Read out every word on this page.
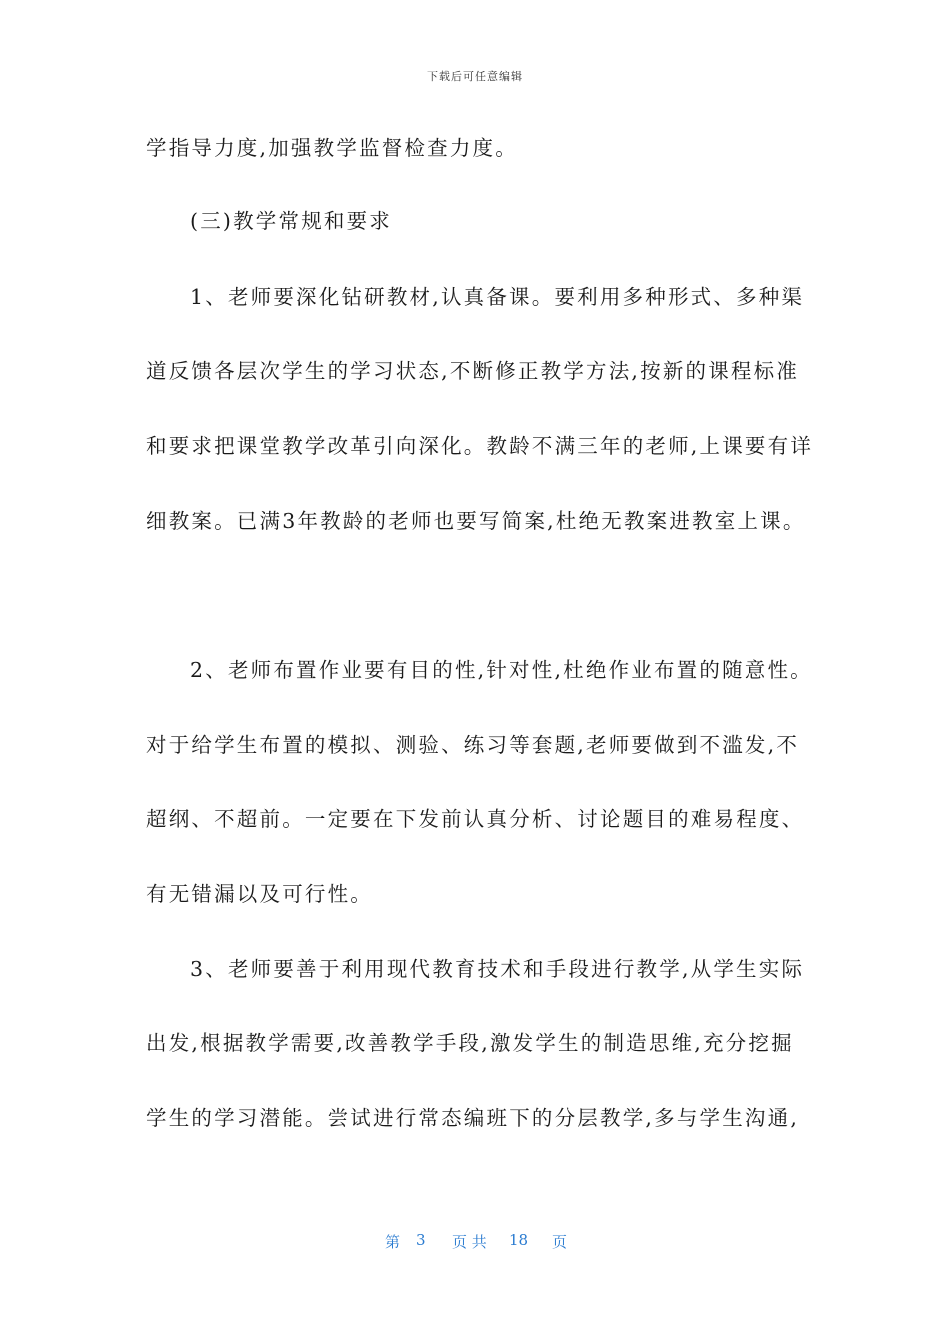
下载后可任意编辑
学指导力度,加强教学监督检查力度。
(三)教学常规和要求
1、老师要深化钻研教材,认真备课。要利用多种形式、多种渠
道反馈各层次学生的学习状态,不断修正教学方法,按新的课程标准
和要求把课堂教学改革引向深化。教龄不满三年的老师,上课要有详
细教案。已满3年教龄的老师也要写简案,杜绝无教案进教室上课。
2、老师布置作业要有目的性,针对性,杜绝作业布置的随意性。
对于给学生布置的模拟、测验、练习等套题,老师要做到不滥发,不
超纲、不超前。一定要在下发前认真分析、讨论题目的难易程度、
有无错漏以及可行性。
3、老师要善于利用现代教育技术和手段进行教学,从学生实际
出发,根据教学需要,改善教学手段,激发学生的制造思维,充分挖掘
学生的学习潜能。尝试进行常态编班下的分层教学,多与学生沟通,
第 3 页 共 18 页
